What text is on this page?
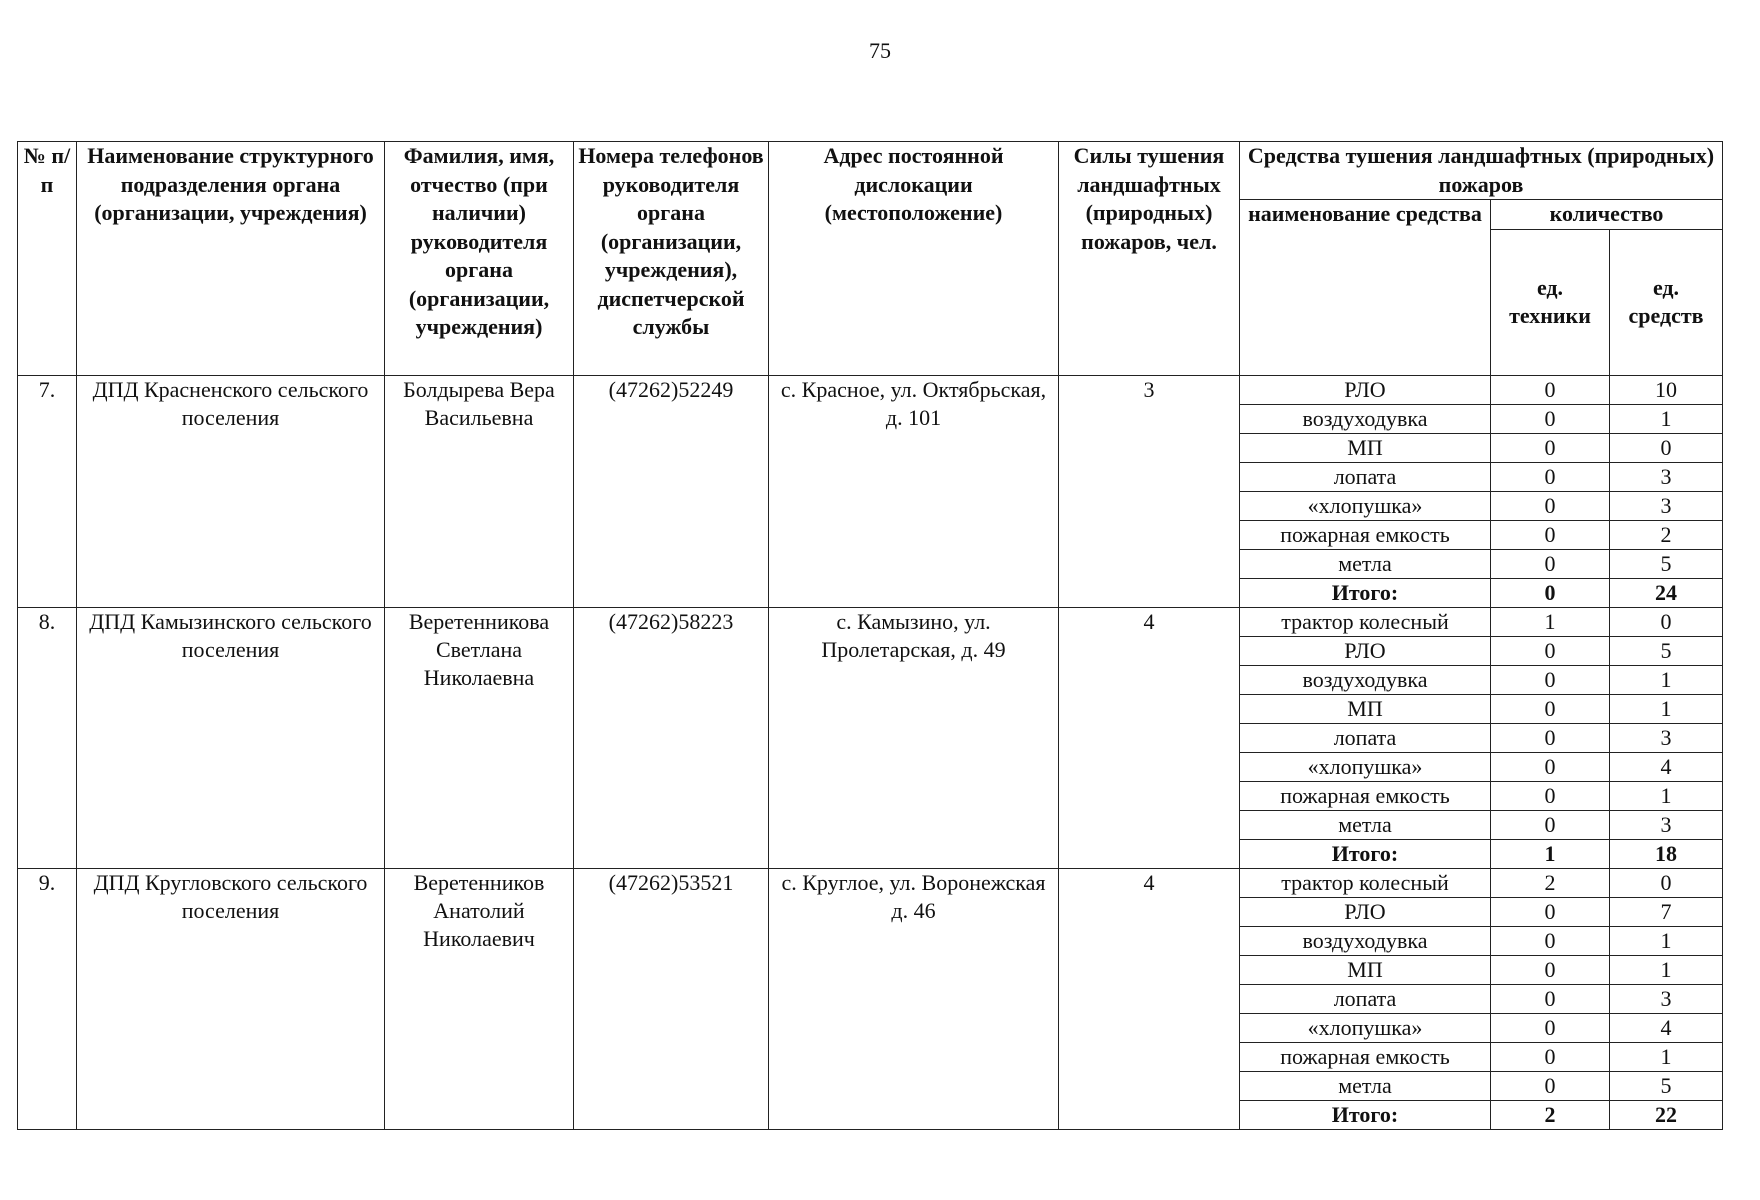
75
№ п/п	Наименование структурного подразделения органа (организации, учреждения)	Фамилия, имя, отчество (при наличии) руководителя органа (организации, учреждения)	Номера телефонов руководителя органа (организации, учреждения), диспетчерской службы	Адрес постоянной дислокации (местоположение)	Силы тушения ландшафтных (природных) пожаров, чел.	Средства тушения ландшафтных (природных) пожаров		
						наименование средства	количество	
							ед. техники	ед. средств
7.	ДПД Красненского сельского поселения	Болдырева Вера Васильевна	(47262)52249	с. Красное, ул. Октябрьская, д. 101	3	РЛО	0	10
						воздуходувка	0	1
						МП	0	0
						лопата	0	3
						«хлопушка»	0	3
						пожарная емкость	0	2
						метла	0	5
						Итого:	0	24
8.	ДПД Камызинского сельского поселения	Веретенникова Светлана Николаевна	(47262)58223	с. Камызино, ул. Пролетарская, д. 49	4	трактор колесный	1	0
						РЛО	0	5
						воздуходувка	0	1
						МП	0	1
						лопата	0	3
						«хлопушка»	0	4
						пожарная емкость	0	1
						метла	0	3
						Итого:	1	18
9.	ДПД Кругловского сельского поселения	Веретенников Анатолий Николаевич	(47262)53521	с. Круглое, ул. Воронежская д. 46	4	трактор колесный	2	0
						РЛО	0	7
						воздуходувка	0	1
						МП	0	1
						лопата	0	3
						«хлопушка»	0	4
						пожарная емкость	0	1
						метла	0	5
						Итого:	2	22
